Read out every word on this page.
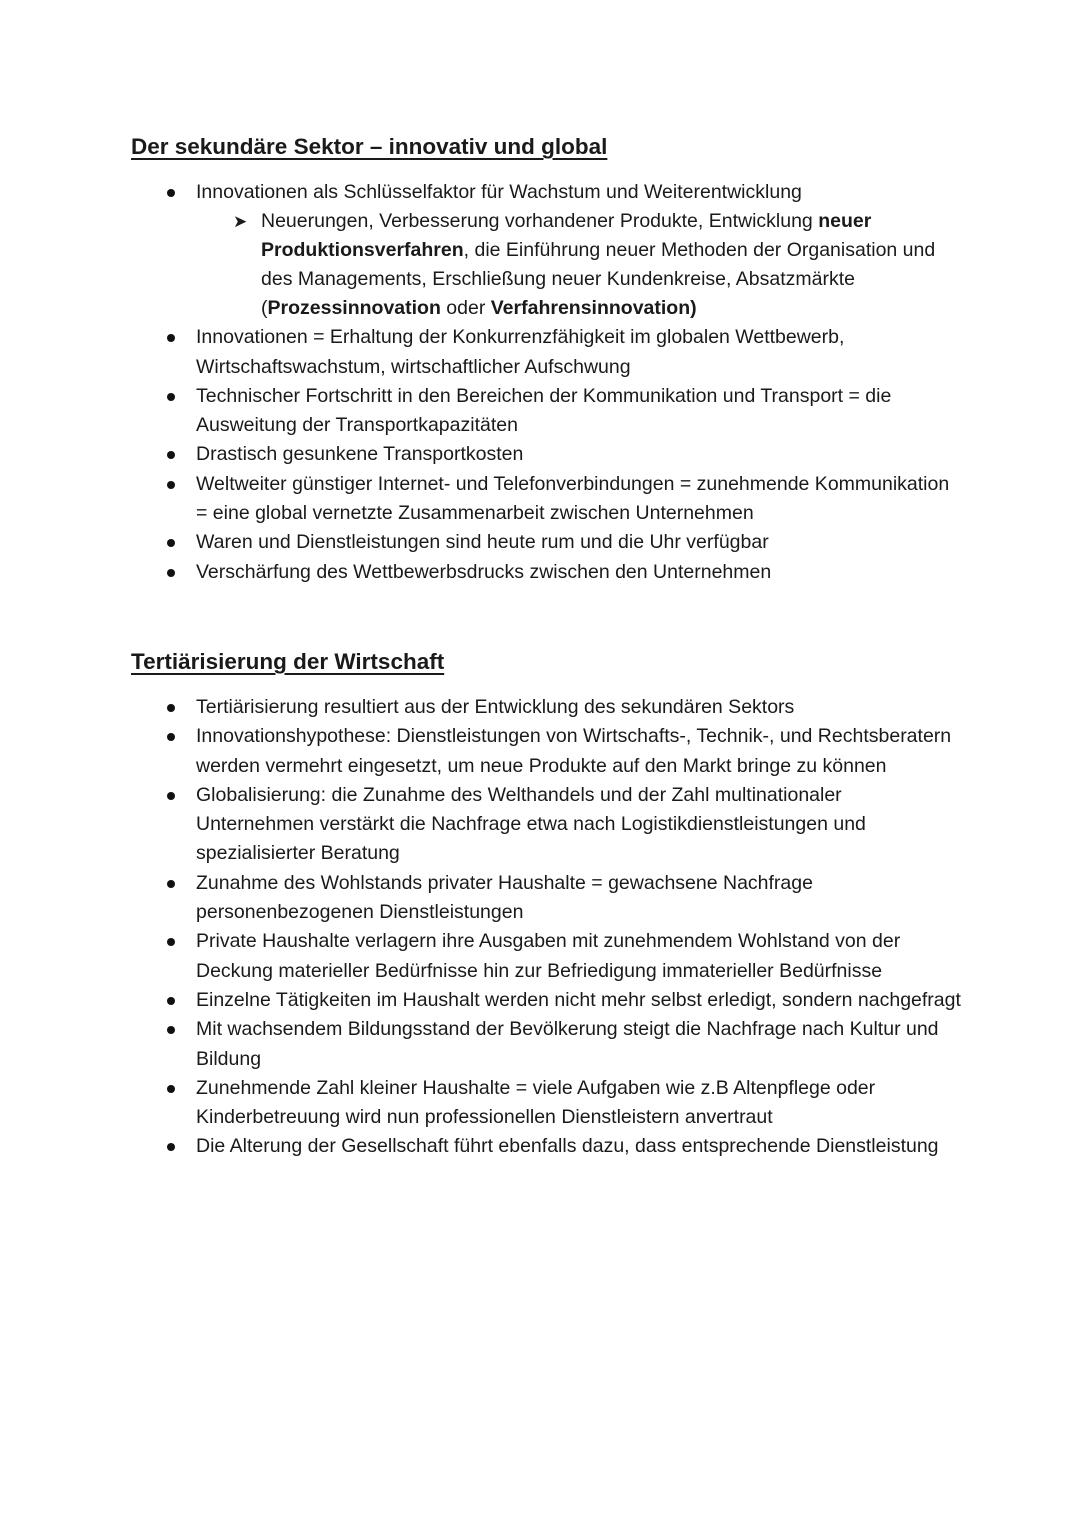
Der sekundäre Sektor – innovativ und global
Innovationen als Schlüsselfaktor für Wachstum und Weiterentwicklung
➤ Neuerungen, Verbesserung vorhandener Produkte, Entwicklung neuer Produktionsverfahren, die Einführung neuer Methoden der Organisation und des Managements, Erschließung neuer Kundenkreise, Absatzmärkte (Prozessinnovation oder Verfahrensinnovation)
Innovationen = Erhaltung der Konkurrenzfähigkeit im globalen Wettbewerb, Wirtschaftswachstum, wirtschaftlicher Aufschwung
Technischer Fortschritt in den Bereichen der Kommunikation und Transport = die Ausweitung der Transportkapazitäten
Drastisch gesunkene Transportkosten
Weltweiter günstiger Internet- und Telefonverbindungen = zunehmende Kommunikation = eine global vernetzte Zusammenarbeit zwischen Unternehmen
Waren und Dienstleistungen sind heute rum und die Uhr verfügbar
Verschärfung des Wettbewerbsdrucks zwischen den Unternehmen
Tertiärisierung der Wirtschaft
Tertiärisierung resultiert aus der Entwicklung des sekundären Sektors
Innovationshypothese: Dienstleistungen von Wirtschafts-, Technik-, und Rechtsberatern werden vermehrt eingesetzt, um neue Produkte auf den Markt bringe zu können
Globalisierung: die Zunahme des Welthandels und der Zahl multinationaler Unternehmen verstärkt die Nachfrage etwa nach Logistikdienstleistungen und spezialisierter Beratung
Zunahme des Wohlstands privater Haushalte = gewachsene Nachfrage personenbezogenen Dienstleistungen
Private Haushalte verlagern ihre Ausgaben mit zunehmendem Wohlstand von der Deckung materieller Bedürfnisse hin zur Befriedigung immaterieller Bedürfnisse
Einzelne Tätigkeiten im Haushalt werden nicht mehr selbst erledigt, sondern nachgefragt
Mit wachsendem Bildungsstand der Bevölkerung steigt die Nachfrage nach Kultur und Bildung
Zunehmende Zahl kleiner Haushalte = viele Aufgaben wie z.B Altenpflege oder Kinderbetreuung wird nun professionellen Dienstleistern anvertraut
Die Alterung der Gesellschaft führt ebenfalls dazu, dass entsprechende Dienstleistung
